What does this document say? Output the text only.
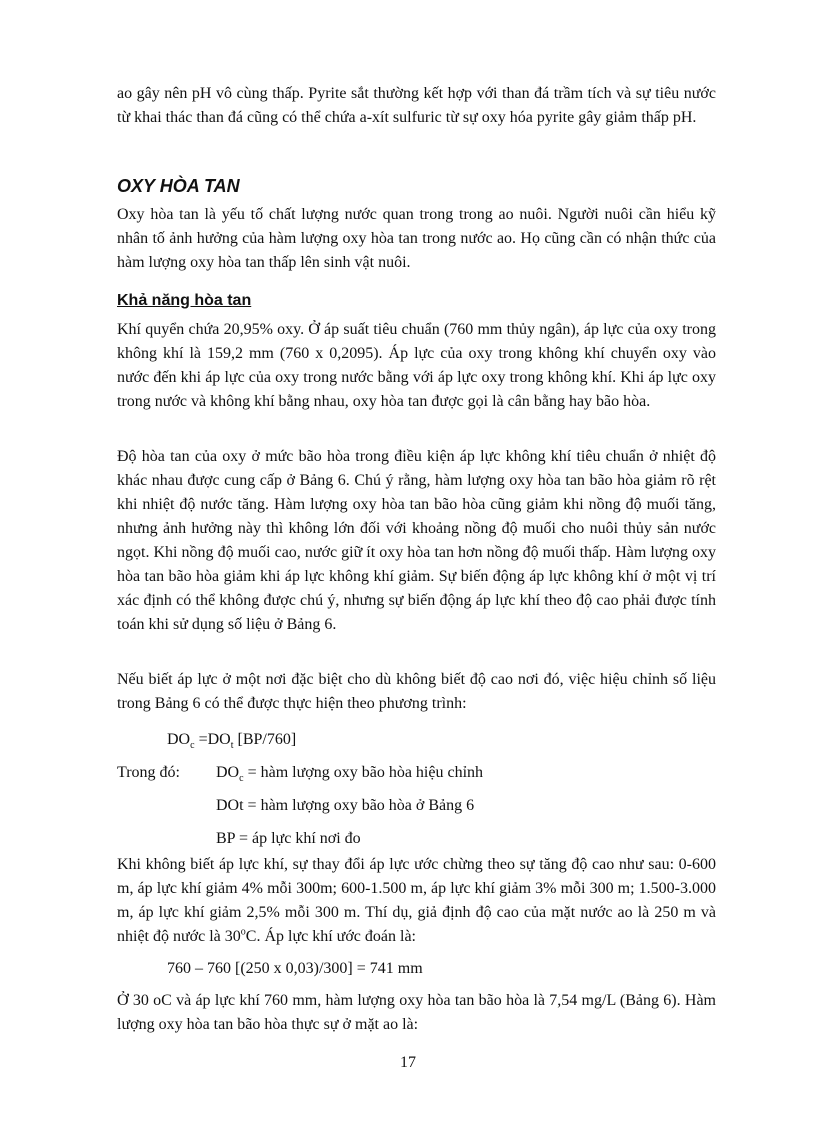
ao gây nên pH vô cùng thấp. Pyrite sắt thường kết hợp với than đá trầm tích và sự tiêu nước từ khai thác than đá cũng có thể chứa a-xít sulfuric từ sự oxy hóa pyrite gây giảm thấp pH.

OXY HÒA TAN

Oxy hòa tan là yếu tố chất lượng nước quan trong trong ao nuôi. Người nuôi cần hiểu kỹ nhân tố ảnh hưởng của hàm lượng oxy hòa tan trong nước ao. Họ cũng cần có nhận thức của hàm lượng oxy hòa tan thấp lên sinh vật nuôi.

Khả năng hòa tan

Khí quyển chứa 20,95% oxy. Ở áp suất tiêu chuẩn (760 mm thủy ngân), áp lực của oxy trong không khí là 159,2 mm (760 x 0,2095). Áp lực của oxy trong không khí chuyển oxy vào nước đến khi áp lực của oxy trong nước bằng với áp lực oxy trong không khí. Khi áp lực oxy trong nước và không khí bằng nhau, oxy hòa tan được gọi là cân bằng hay bão hòa.

Độ hòa tan của oxy ở mức bão hòa trong điều kiện áp lực không khí tiêu chuẩn ở nhiệt độ khác nhau được cung cấp ở Bảng 6. Chú ý rằng, hàm lượng oxy hòa tan bão hòa giảm rõ rệt khi nhiệt độ nước tăng. Hàm lượng oxy hòa tan bão hòa cũng giảm khi nồng độ muối tăng, nhưng ảnh hưởng này thì không lớn đối với khoảng nồng độ muối cho nuôi thủy sản nước ngọt. Khi nồng độ muối cao, nước giữ ít oxy hòa tan hơn nồng độ muối thấp. Hàm lượng oxy hòa tan bão hòa giảm khi áp lực không khí giảm. Sự biến động áp lực không khí ở một vị trí xác định có thể không được chú ý, nhưng sự biến động áp lực khí theo độ cao phải được tính toán khi sử dụng số liệu ở Bảng 6.

Nếu biết áp lực ở một nơi đặc biệt cho dù không biết độ cao nơi đó, việc hiệu chỉnh số liệu trong Bảng 6 có thể được thực hiện theo phương trình:

$DO_c =DO_t$ [BP/760]

Trong đó: $DO_c$ = hàm lượng oxy bão hòa hiệu chỉnh
DOt = hàm lượng oxy bão hòa ở Bảng 6
BP = áp lực khí nơi đo

Khi không biết áp lực khí, sự thay đổi áp lực ước chừng theo sự tăng độ cao như sau: 0-600 m, áp lực khí giảm 4% mỗi 300m; 600-1.500 m, áp lực khí giảm 3% mỗi 300 m; 1.500-3.000 m, áp lực khí giảm 2,5% mỗi 300 m. Thí dụ, giả định độ cao của mặt nước ao là 250 m và nhiệt độ nước là 30$^o$C. Áp lực khí ước đoán là:

760 – 760 [(250 x 0,03)/300] = 741 mm

Ở 30 oC và áp lực khí 760 mm, hàm lượng oxy hòa tan bão hòa là 7,54 mg/L (Bảng 6). Hàm lượng oxy hòa tan bão hòa thực sự ở mặt ao là:

17
